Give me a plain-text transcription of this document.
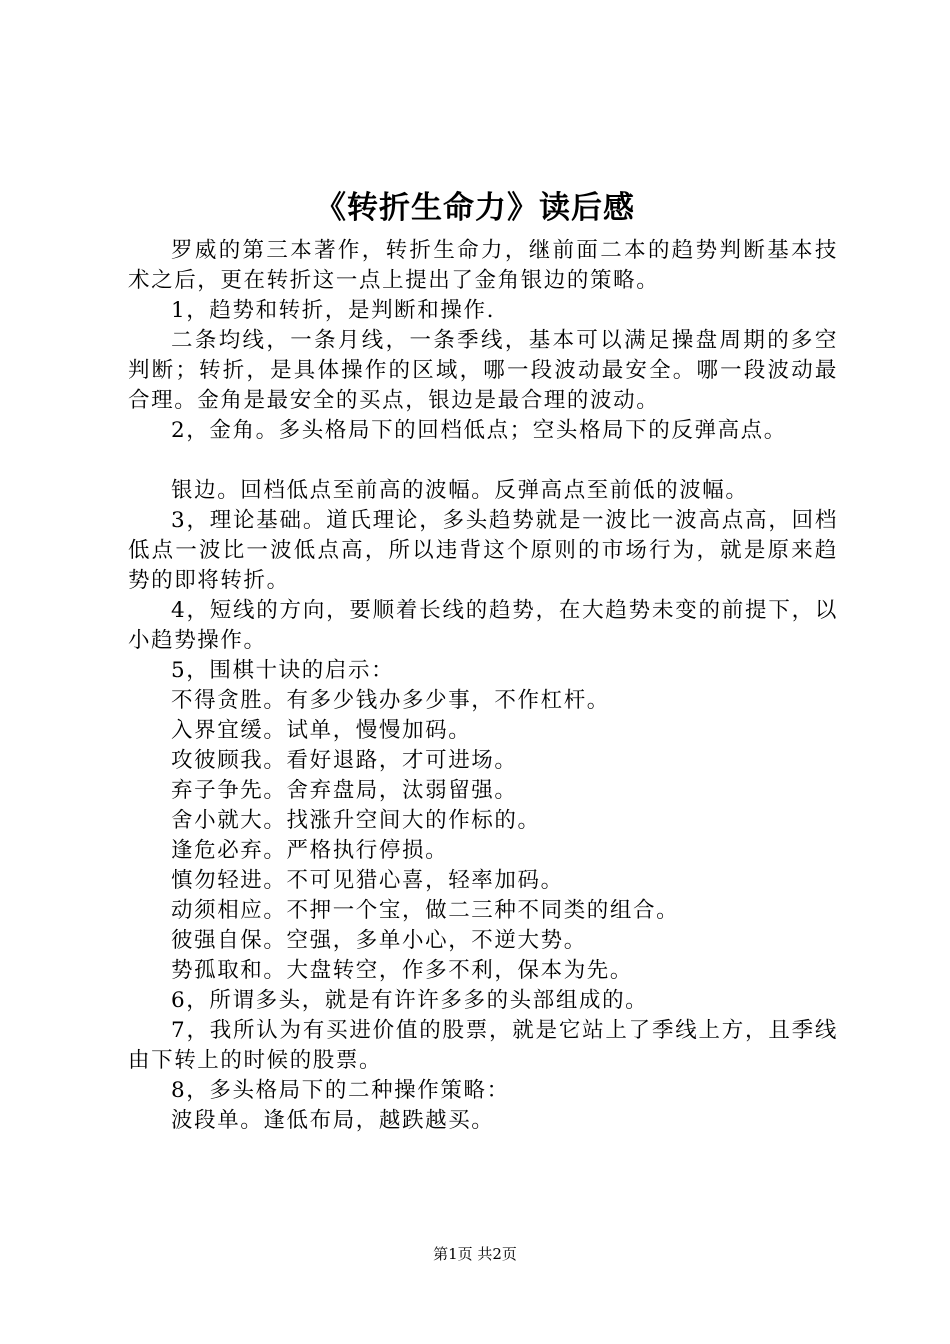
《转折生命力》读后感

罗威的第三本著作，转折生命力，继前面二本的趋势判断基本技术之后，更在转折这一点上提出了金角银边的策略。

1，趋势和转折，是判断和操作.

二条均线，一条月线，一条季线，基本可以满足操盘周期的多空判断；转折，是具体操作的区域，哪一段波动最安全。哪一段波动最合理。金角是最安全的买点，银边是最合理的波动。

2，金角。多头格局下的回档低点；空头格局下的反弹高点。

银边。回档低点至前高的波幅。反弹高点至前低的波幅。

3，理论基础。道氏理论，多头趋势就是一波比一波高点高，回档低点一波比一波低点高，所以违背这个原则的市场行为，就是原来趋势的即将转折。

4，短线的方向，要顺着长线的趋势，在大趋势未变的前提下，以小趋势操作。

5，围棋十诀的启示：

不得贪胜。有多少钱办多少事，不作杠杆。

入界宜缓。试单，慢慢加码。

攻彼顾我。看好退路，才可进场。

弃子争先。舍弃盘局，汰弱留强。

舍小就大。找涨升空间大的作标的。

逢危必弃。严格执行停损。

慎勿轻进。不可见猎心喜，轻率加码。

动须相应。不押一个宝，做二三种不同类的组合。

彼强自保。空强，多单小心，不逆大势。

势孤取和。大盘转空，作多不利，保本为先。

6，所谓多头，就是有许许多多的头部组成的。

7，我所认为有买进价值的股票，就是它站上了季线上方，且季线由下转上的时候的股票。

8，多头格局下的二种操作策略：

波段单。逢低布局，越跌越买。

第1页 共2页
